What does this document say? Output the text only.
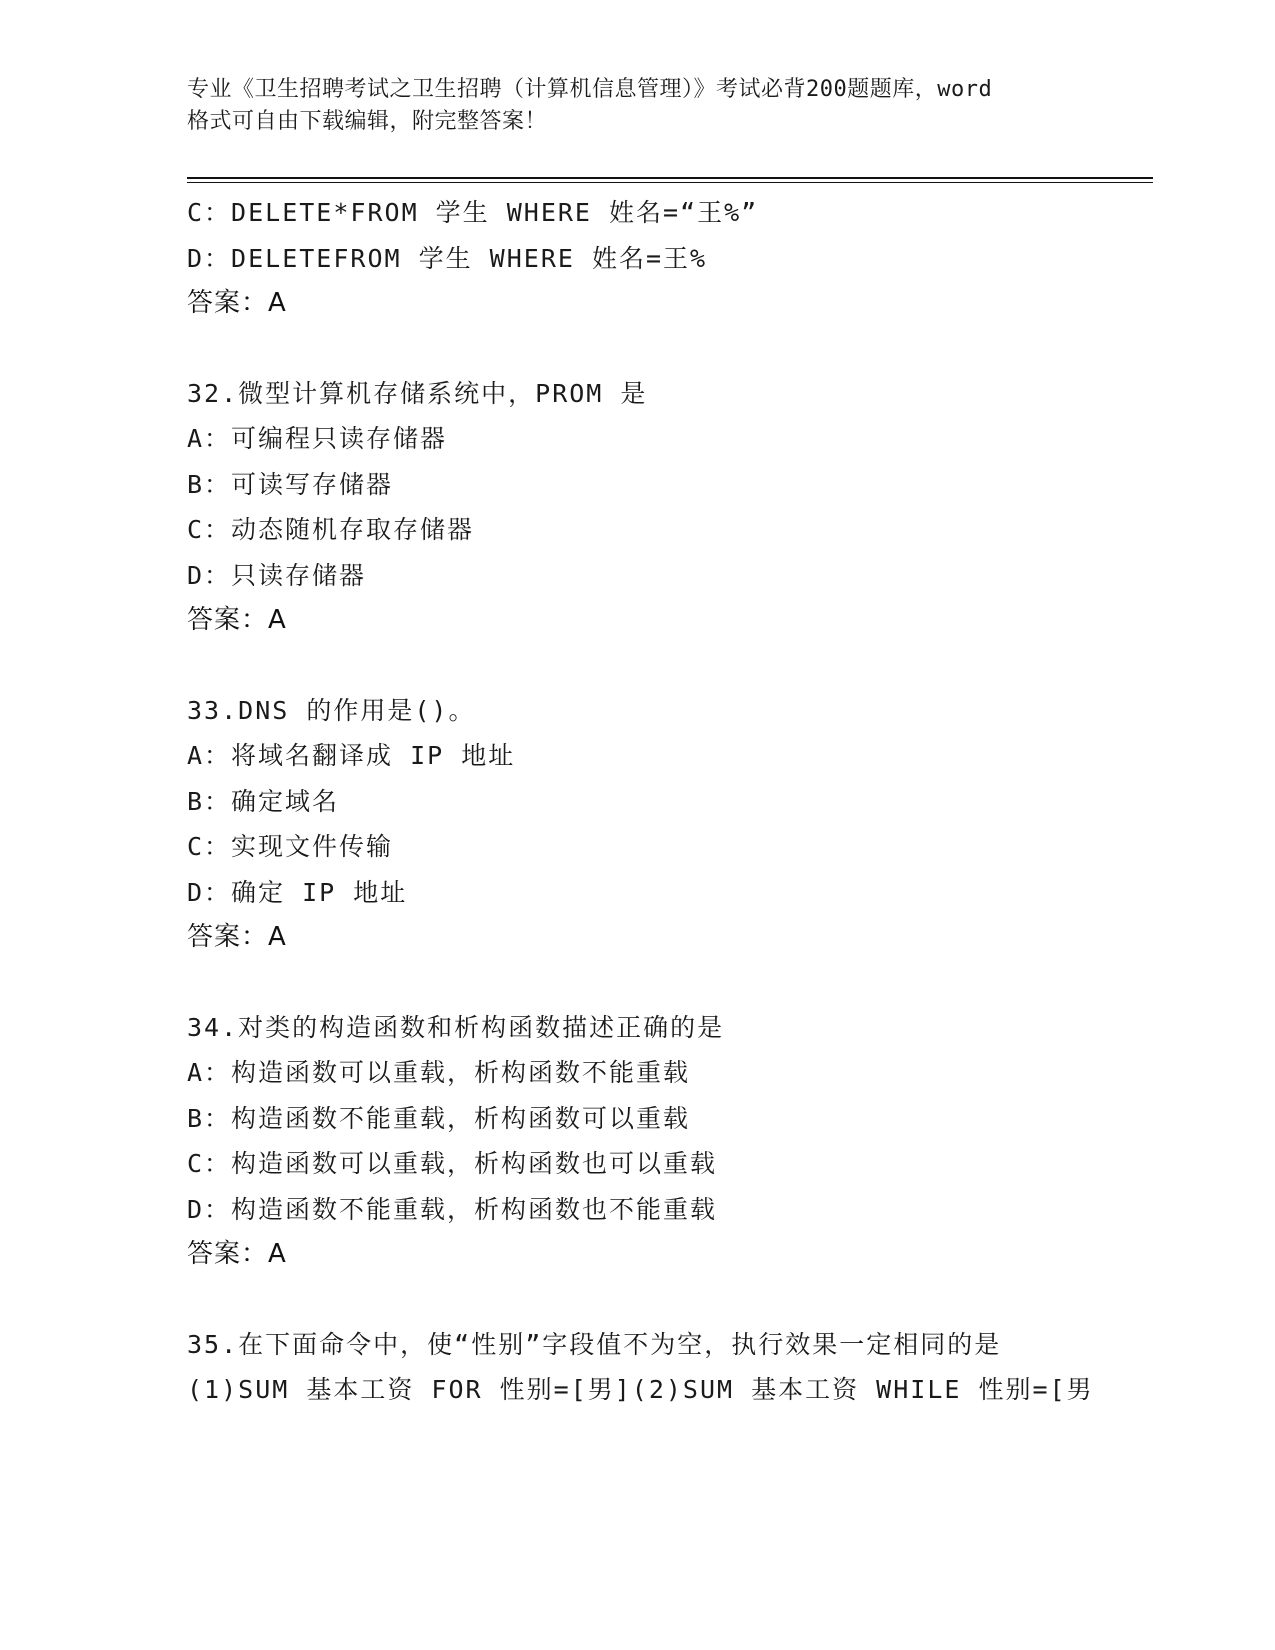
专业《卫生招聘考试之卫生招聘（计算机信息管理）》考试必背200题题库，word
格式可自由下载编辑，附完整答案！
C：DELETE*FROM 学生 WHERE 姓名=“王%”
D：DELETEFROM 学生 WHERE 姓名=王%
答案：A
32.微型计算机存储系统中，PROM 是
A：可编程只读存储器
B：可读写存储器
C：动态随机存取存储器
D：只读存储器
答案：A
33.DNS 的作用是()。
A：将域名翻译成 IP 地址
B：确定域名
C：实现文件传输
D：确定 IP 地址
答案：A
34.对类的构造函数和析构函数描述正确的是
A：构造函数可以重载，析构函数不能重载
B：构造函数不能重载，析构函数可以重载
C：构造函数可以重载，析构函数也可以重载
D：构造函数不能重载，析构函数也不能重载
答案：A
35.在下面命令中，使“性别”字段值不为空，执行效果一定相同的是
(1)SUM 基本工资 FOR 性别=[男](2)SUM 基本工资 WHILE 性别=[男
